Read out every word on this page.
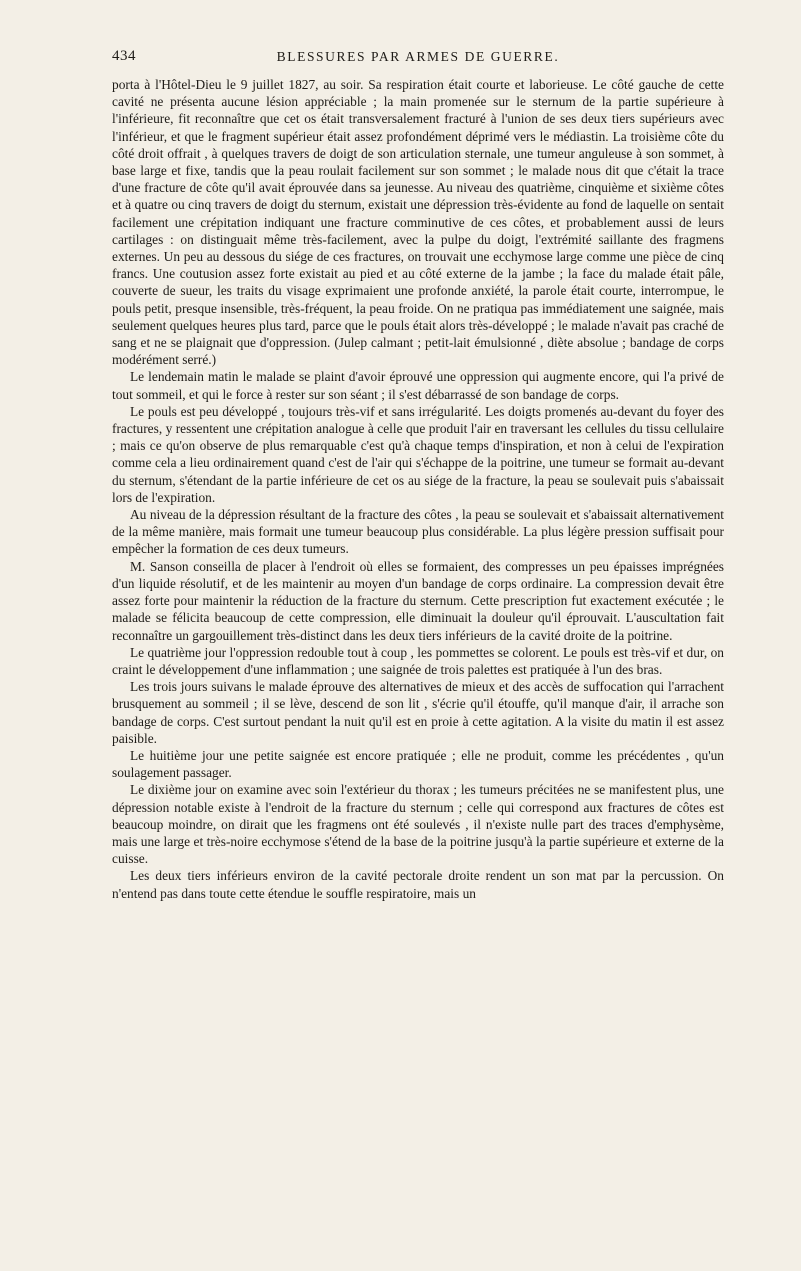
434	BLESSURES PAR ARMES DE GUERRE.

porta à l'Hôtel-Dieu le 9 juillet 1827, au soir. Sa respiration était courte et laborieuse. Le côté gauche de cette cavité ne présenta aucune lésion appréciable ; la main promenée sur le sternum de la partie supérieure à l'inférieure, fit reconnaître que cet os était transversalement fracturé à l'union de ses deux tiers supérieurs avec l'inférieur, et que le fragment supérieur était assez profondément déprimé vers le médiastin. La troisième côte du côté droit offrait , à quelques travers de doigt de son articulation sternale, une tumeur anguleuse à son sommet, à base large et fixe, tandis que la peau roulait facilement sur son sommet ; le malade nous dit que c'était la trace d'une fracture de côte qu'il avait éprouvée dans sa jeunesse. Au niveau des quatrième, cinquième et sixième côtes et à quatre ou cinq travers de doigt du sternum, existait une dépression très-évidente au fond de laquelle on sentait facilement une crépitation indiquant une fracture comminutive de ces côtes, et probablement aussi de leurs cartilages : on distinguait même très-facilement, avec la pulpe du doigt, l'extrémité saillante des fragmens externes. Un peu au dessous du siége de ces fractures, on trouvait une ecchymose large comme une pièce de cinq francs. Une coutusion assez forte existait au pied et au côté externe de la jambe ; la face du malade était pâle, couverte de sueur, les traits du visage exprimaient une profonde anxiété, la parole était courte, interrompue, le pouls petit, presque insensible, très-fréquent, la peau froide. On ne pratiqua pas immédiatement une saignée, mais seulement quelques heures plus tard, parce que le pouls était alors très-développé ; le malade n'avait pas craché de sang et ne se plaignait que d'oppression. (Julep calmant ; petit-lait émulsionné , diète absolue ; bandage de corps modérément serré.)

Le lendemain matin le malade se plaint d'avoir éprouvé une oppression qui augmente encore, qui l'a privé de tout sommeil, et qui le force à rester sur son séant ; il s'est débarrassé de son bandage de corps.

Le pouls est peu développé , toujours très-vif et sans irrégularité. Les doigts promenés au-devant du foyer des fractures, y ressentent une crépitation analogue à celle que produit l'air en traversant les cellules du tissu cellulaire ; mais ce qu'on observe de plus remarquable c'est qu'à chaque temps d'inspiration, et non à celui de l'expiration comme cela a lieu ordinairement quand c'est de l'air qui s'échappe de la poitrine, une tumeur se formait au-devant du sternum, s'étendant de la partie inférieure de cet os au siége de la fracture, la peau se soulevait puis s'abaissait lors de l'expiration.

Au niveau de la dépression résultant de la fracture des côtes , la peau se soulevait et s'abaissait alternativement de la même manière, mais formait une tumeur beaucoup plus considérable. La plus légère pression suffisait pour empêcher la formation de ces deux tumeurs.

M. Sanson conseilla de placer à l'endroit où elles se formaient, des compresses un peu épaisses imprégnées d'un liquide résolutif, et de les maintenir au moyen d'un bandage de corps ordinaire. La compression devait être assez forte pour maintenir la réduction de la fracture du sternum. Cette prescription fut exactement exécutée ; le malade se félicita beaucoup de cette compression, elle diminuait la douleur qu'il éprouvait. L'auscultation fait reconnaître un gargouillement très-distinct dans les deux tiers inférieurs de la cavité droite de la poitrine.

Le quatrième jour l'oppression redouble tout à coup , les pommettes se colorent. Le pouls est très-vif et dur, on craint le développement d'une inflammation ; une saignée de trois palettes est pratiquée à l'un des bras.

Les trois jours suivans le malade éprouve des alternatives de mieux et des accès de suffocation qui l'arrachent brusquement au sommeil ; il se lève, descend de son lit , s'écrie qu'il étouffe, qu'il manque d'air, il arrache son bandage de corps. C'est surtout pendant la nuit qu'il est en proie à cette agitation. A la visite du matin il est assez paisible.

Le huitième jour une petite saignée est encore pratiquée ; elle ne produit, comme les précédentes , qu'un soulagement passager.

Le dixième jour on examine avec soin l'extérieur du thorax ; les tumeurs précitées ne se manifestent plus, une dépression notable existe à l'endroit de la fracture du sternum ; celle qui correspond aux fractures de côtes est beaucoup moindre, on dirait que les fragmens ont été soulevés , il n'existe nulle part des traces d'emphysème, mais une large et très-noire ecchymose s'étend de la base de la poitrine jusqu'à la partie supérieure et externe de la cuisse.

Les deux tiers inférieurs environ de la cavité pectorale droite rendent un son mat par la percussion. On n'entend pas dans toute cette étendue le souffle respiratoire, mais un
